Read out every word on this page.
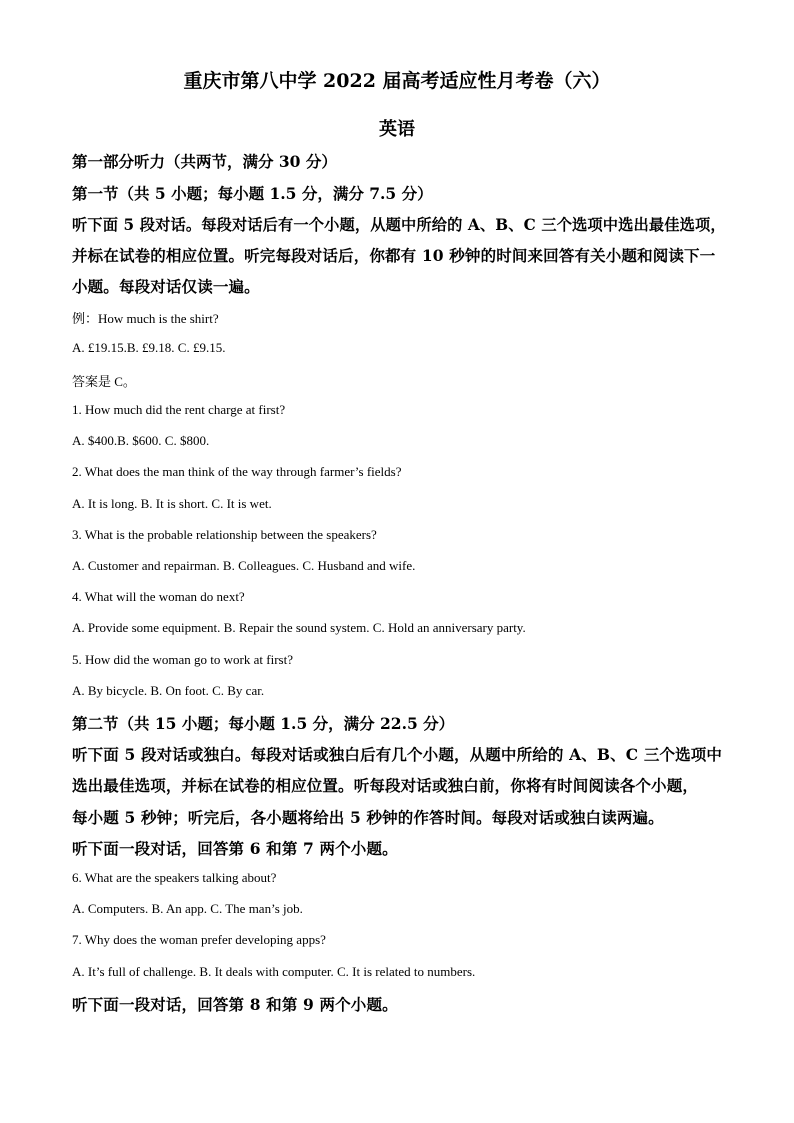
重庆市第八中学 2022 届高考适应性月考卷（六）
英语
第一部分听力（共两节，满分 30 分）
第一节（共 5 小题；每小题 1.5 分，满分 7.5 分）
听下面 5 段对话。每段对话后有一个小题，从题中所给的 A、B、C 三个选项中选出最佳选项，
并标在试卷的相应位置。听完每段对话后，你都有 10 秒钟的时间来回答有关小题和阅读下一
小题。每段对话仅读一遍。
例：How much is the shirt?
A. £19.15.B. £9.18. C. £9.15.
答案是 C。
1. How much did the rent charge at first?
A. $400.B. $600. C. $800.
2. What does the man think of the way through farmer’s fields?
A. It is long. B. It is short. C. It is wet.
3. What is the probable relationship between the speakers?
A. Customer and repairman. B. Colleagues. C. Husband and wife.
4. What will the woman do next?
A. Provide some equipment. B. Repair the sound system. C. Hold an anniversary party.
5. How did the woman go to work at first?
A. By bicycle. B. On foot. C. By car.
第二节（共 15 小题；每小题 1.5 分，满分 22.5 分）
听下面 5 段对话或独白。每段对话或独白后有几个小题，从题中所给的 A、B、C 三个选项中
选出最佳选项，并标在试卷的相应位置。听每段对话或独白前，你将有时间阅读各个小题，
每小题 5 秒钟；听完后，各小题将给出 5 秒钟的作答时间。每段对话或独白读两遍。
听下面一段对话，回答第 6 和第 7 两个小题。
6. What are the speakers talking about?
A. Computers. B. An app. C. The man’s job.
7. Why does the woman prefer developing apps?
A. It’s full of challenge. B. It deals with computer. C. It is related to numbers.
听下面一段对话，回答第 8 和第 9 两个小题。
